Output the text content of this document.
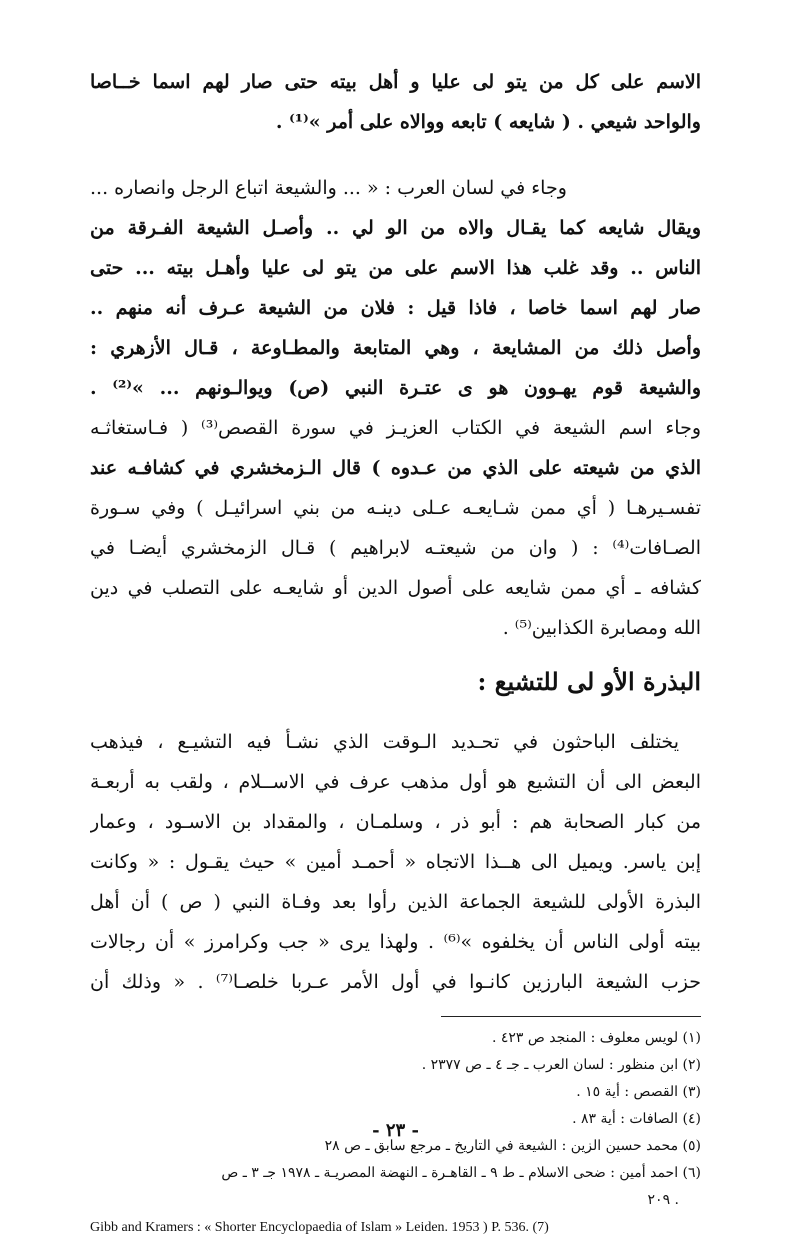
الاسم على كل من يتو لى عليا و أهل بيته حتى صار لهم اسما خــاصا
والواحد شيعي . ( شايعه ) تابعه ووالاه على أمر »⁽¹⁾ .
وجاء في لسان العرب : « ... والشيعة اتباع الرجل وانصاره ...
ويقال شايعه كما يقـال والاه من الو لي .. وأصـل الشيعة الفـرقة من
الناس .. وقد غلب هذا الاسم على من يتو لى عليا وأهـل بيته ... حتى
صار لهم اسما خاصا ، فاذا قيل : فلان من الشيعة عـرف أنه منهم ..
وأصل ذلك من المشايعة ، وهي المتابعة والمطـاوعة ، قـال الأزهري :
والشيعة قوم يهـوون هو ى عتـرة النبي (ص) ويوالـونهم ... »⁽²⁾ .
وجاء اسم الشيعة في الكتاب العزيـز في سورة القصص⁽³⁾ ( فـاستغاثـه
الذي من شيعته على الذي من عـدوه ) قال الـزمخشري في كشافـه عند
تفسـيرهـا ( أي ممن شـايعـه عـلى دينـه من بني اسرائيـل ) وفي سـورة
الصـافات⁽⁴⁾ : ( وان من شيعتـه لابراهيم ) قـال الزمخشري أيضـا في
كشافه ـ أي ممن شايعه على أصول الدين أو شايعـه على التصلب في دين
الله ومصابرة الكذابين⁽⁵⁾ .
البذرة الأو لى للتشيع :
يختلف الباحثون في تحـديد الـوقت الذي نشـأ فيه التشيـع ، فيذهب
البعض الى أن التشيع هو أول مذهب عرف في الاســلام ، ولقب به أربعـة
من كبار الصحابة هم : أبو ذر ، وسلمـان ، والمقداد بن الاسـود ، وعمار
إبن ياسر. ويميل الى هــذا الاتجاه « أحمـد أمين » حيث يقـول : « وكانت
البذرة الأولى للشيعة الجماعة الذين رأوا بعد وفـاة النبي ( ص ) أن أهل
بيته أولى الناس أن يخلفوه »⁽⁶⁾ . ولهذا يرى « جب وكرامرز » أن رجالات
حزب الشيعة البارزين كانـوا في أول الأمر عـربا خلصـا⁽⁷⁾ . « وذلك أن
(١) لويس معلوف : المنجد ص ٤٢٣ .
(٢) ابن منظور : لسان العرب ـ جـ ٤ ـ ص ٢٣٧٧ .
(٣) القصص : أية ١٥ .
(٤) الصافات : أية ٨٣ .
(٥) محمد حسين الزين : الشيعة في التاريخ ـ مرجع سابق ـ ص ٢٨
(٦) احمد أمين : ضحى الاسلام ـ ط ٩ ـ القاهـرة ـ النهضة المصريـة ـ ١٩٧٨ جـ ٣ ـ ص
. ٢٠٩
Gibb and Kramers : « Shorter Encyclopaedia of Islam » Leiden. 1953 ) P. 536. (7)
- ٢٣ -
